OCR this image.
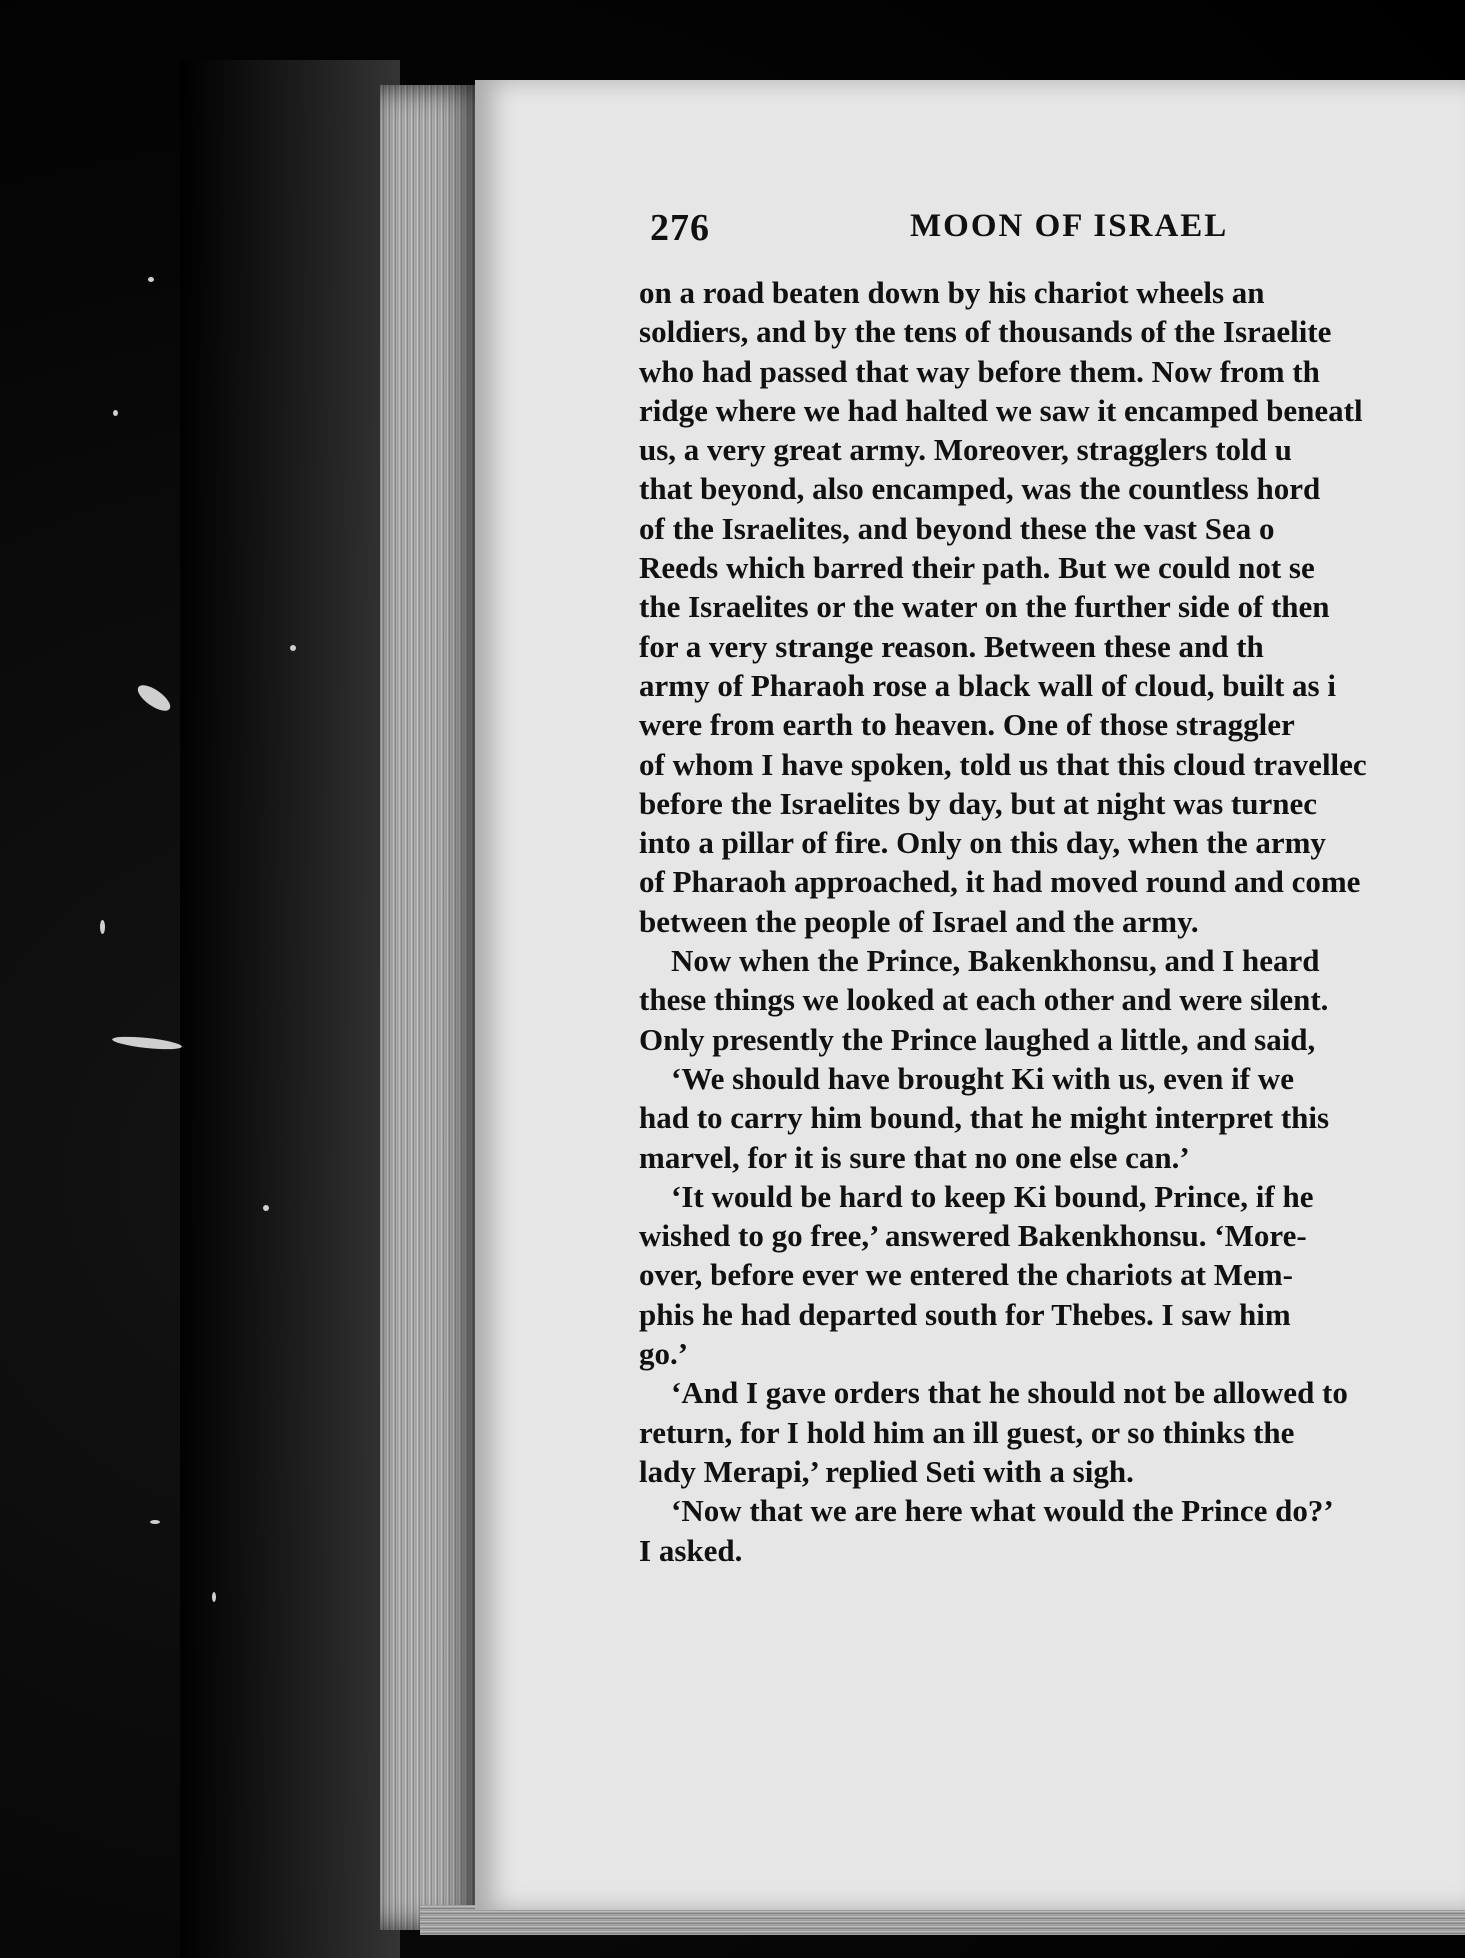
276	MOON OF ISRAEL
on a road beaten down by his chariot wheels an
soldiers, and by the tens of thousands of the Israelite
who had passed that way before them. Now from th
ridge where we had halted we saw it encamped beneatl
us, a very great army. Moreover, stragglers told u
that beyond, also encamped, was the countless hord
of the Israelites, and beyond these the vast Sea o
Reeds which barred their path. But we could not se
the Israelites or the water on the further side of then
for a very strange reason. Between these and th
army of Pharaoh rose a black wall of cloud, built as i
were from earth to heaven. One of those straggler
of whom I have spoken, told us that this cloud travellec
before the Israelites by day, but at night was turnec
into a pillar of fire. Only on this day, when the army
of Pharaoh approached, it had moved round and come
between the people of Israel and the army.
Now when the Prince, Bakenkhonsu, and I heard
these things we looked at each other and were silent.
Only presently the Prince laughed a little, and said,
‘We should have brought Ki with us, even if we
had to carry him bound, that he might interpret this
marvel, for it is sure that no one else can.’
‘It would be hard to keep Ki bound, Prince, if he
wished to go free,’ answered Bakenkhonsu. ‘More-
over, before ever we entered the chariots at Mem-
phis he had departed south for Thebes. I saw him
go.’
‘And I gave orders that he should not be allowed to
return, for I hold him an ill guest, or so thinks the
lady Merapi,’ replied Seti with a sigh.
‘Now that we are here what would the Prince do?’
I asked.
